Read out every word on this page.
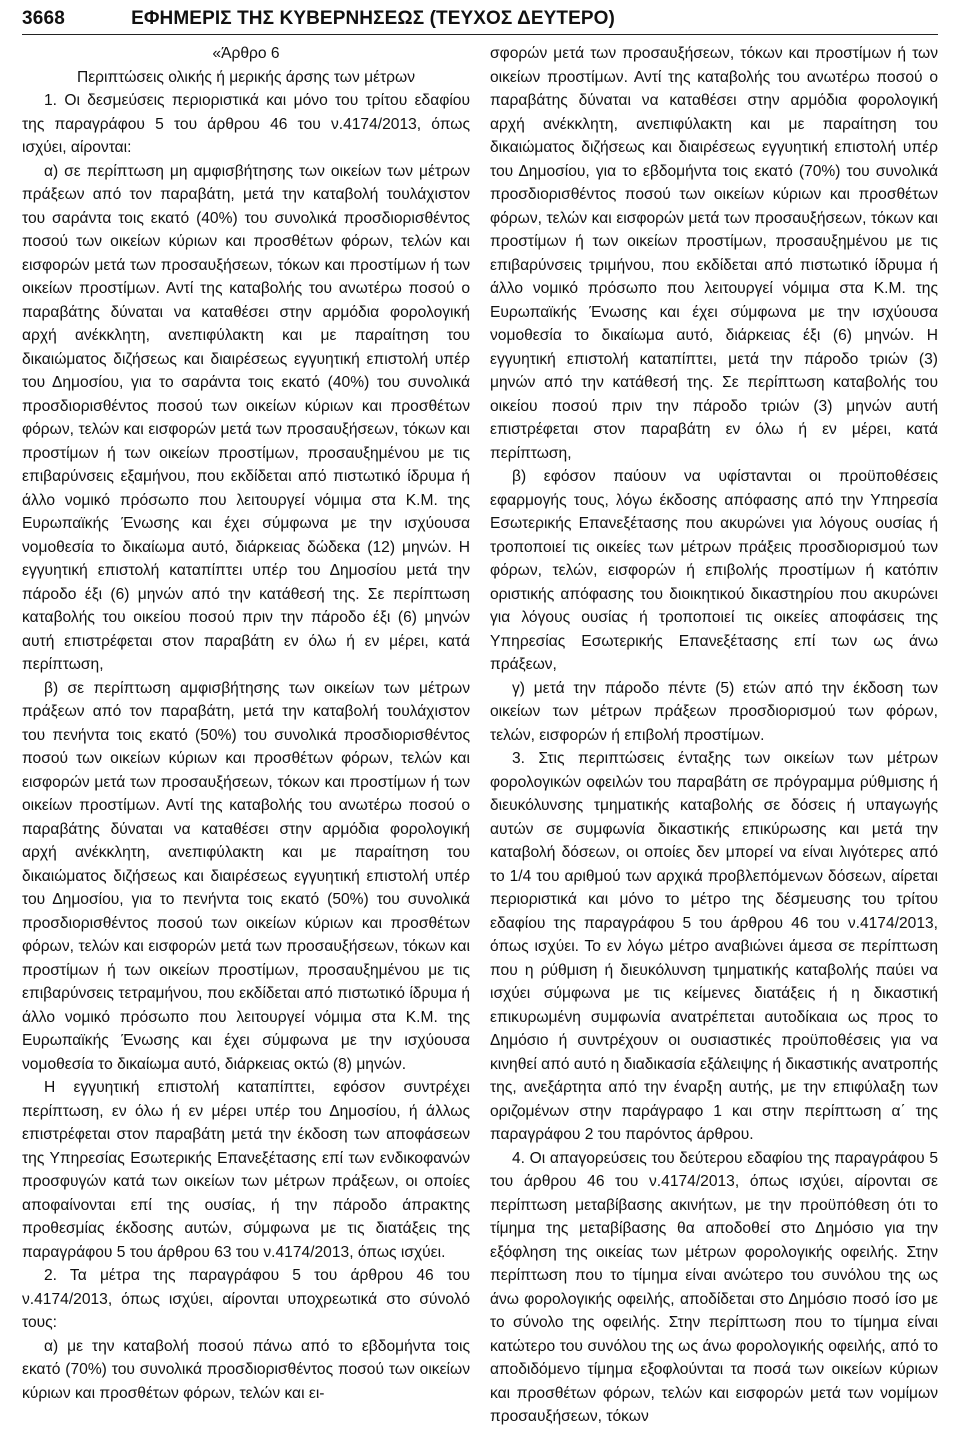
3668	ΕΦΗΜΕΡΙΣ ΤΗΣ ΚΥΒΕΡΝΗΣΕΩΣ (ΤΕΥΧΟΣ ΔΕΥΤΕΡΟ)

«Άρθρο 6

Περιπτώσεις ολικής ή μερικής άρσης των μέτρων

1. Οι δεσμεύσεις περιοριστικά και μόνο του τρίτου εδαφίου της παραγράφου 5 του άρθρου 46 του ν.4174/2013, όπως ισχύει, αίρονται:

α) σε περίπτωση μη αμφισβήτησης των οικείων των μέτρων πράξεων από τον παραβάτη, μετά την καταβολή τουλάχιστον του σαράντα τοις εκατό (40%) του συνολικά προσδιορισθέντος ποσού των οικείων κύριων και προσθέτων φόρων, τελών και εισφορών μετά των προσαυξήσεων, τόκων και προστίμων ή των οικείων προστίμων. Αντί της καταβολής του ανωτέρω ποσού ο παραβάτης δύναται να καταθέσει στην αρμόδια φορολογική αρχή ανέκκλητη, ανεπιφύλακτη και με παραίτηση του δικαιώματος διζήσεως και διαιρέσεως εγγυητική επιστολή υπέρ του Δημοσίου, για το σαράντα τοις εκατό (40%) του συνολικά προσδιορισθέντος ποσού των οικείων κύριων και προσθέτων φόρων, τελών και εισφορών μετά των προσαυξήσεων, τόκων και προστίμων ή των οικείων προστίμων, προσαυξημένου με τις επιβαρύνσεις εξαμήνου, που εκδίδεται από πιστωτικό ίδρυμα ή άλλο νομικό πρόσωπο που λειτουργεί νόμιμα στα Κ.Μ. της Ευρωπαϊκής Ένωσης και έχει σύμφωνα με την ισχύουσα νομοθεσία το δικαίωμα αυτό, διάρκειας δώδεκα (12) μηνών. Η εγγυητική επιστολή καταπίπτει υπέρ του Δημοσίου μετά την πάροδο έξι (6) μηνών από την κατάθεσή της. Σε περίπτωση καταβολής του οικείου ποσού πριν την πάροδο έξι (6) μηνών αυτή επιστρέφεται στον παραβάτη εν όλω ή εν μέρει, κατά περίπτωση,

β) σε περίπτωση αμφισβήτησης των οικείων των μέτρων πράξεων από τον παραβάτη, μετά την καταβολή τουλάχιστον του πενήντα τοις εκατό (50%) του συνολικά προσδιορισθέντος ποσού των οικείων κύριων και προσθέτων φόρων, τελών και εισφορών μετά των προσαυξήσεων, τόκων και προστίμων ή των οικείων προστίμων. Αντί της καταβολής του ανωτέρω ποσού ο παραβάτης δύναται να καταθέσει στην αρμόδια φορολογική αρχή ανέκκλητη, ανεπιφύλακτη και με παραίτηση του δικαιώματος διζήσεως και διαιρέσεως εγγυητική επιστολή υπέρ του Δημοσίου, για το πενήντα τοις εκατό (50%) του συνολικά προσδιορισθέντος ποσού των οικείων κύριων και προσθέτων φόρων, τελών και εισφορών μετά των προσαυξήσεων, τόκων και προστίμων ή των οικείων προστίμων, προσαυξημένου με τις επιβαρύνσεις τετραμήνου, που εκδίδεται από πιστωτικό ίδρυμα ή άλλο νομικό πρόσωπο που λειτουργεί νόμιμα στα Κ.Μ. της Ευρωπαϊκής Ένωσης και έχει σύμφωνα με την ισχύουσα νομοθεσία το δικαίωμα αυτό, διάρκειας οκτώ (8) μηνών.

Η εγγυητική επιστολή καταπίπτει, εφόσον συντρέχει περίπτωση, εν όλω ή εν μέρει υπέρ του Δημοσίου, ή άλλως επιστρέφεται στον παραβάτη μετά την έκδοση των αποφάσεων της Υπηρεσίας Εσωτερικής Επανεξέτασης επί των ενδικοφανών προσφυγών κατά των οικείων των μέτρων πράξεων, οι οποίες αποφαίνονται επί της ουσίας, ή την πάροδο άπρακτης προθεσμίας έκδοσης αυτών, σύμφωνα με τις διατάξεις της παραγράφου 5 του άρθρου 63 του ν.4174/2013, όπως ισχύει.

2. Τα μέτρα της παραγράφου 5 του άρθρου 46 του ν.4174/2013, όπως ισχύει, αίρονται υποχρεωτικά στο σύνολό τους:

α) με την καταβολή ποσού πάνω από το εβδομήντα τοις εκατό (70%) του συνολικά προσδιορισθέντος ποσού των οικείων κύριων και προσθέτων φόρων, τελών και ει-

σφορών μετά των προσαυξήσεων, τόκων και προστίμων ή των οικείων προστίμων. Αντί της καταβολής του ανωτέρω ποσού ο παραβάτης δύναται να καταθέσει στην αρμόδια φορολογική αρχή ανέκκλητη, ανεπιφύλακτη και με παραίτηση του δικαιώματος διζήσεως και διαιρέσεως εγγυητική επιστολή υπέρ του Δημοσίου, για το εβδομήντα τοις εκατό (70%) του συνολικά προσδιορισθέντος ποσού των οικείων κύριων και προσθέτων φόρων, τελών και εισφορών μετά των προσαυξήσεων, τόκων και προστίμων ή των οικείων προστίμων, προσαυξημένου με τις επιβαρύνσεις τριμήνου, που εκδίδεται από πιστωτικό ίδρυμα ή άλλο νομικό πρόσωπο που λειτουργεί νόμιμα στα Κ.Μ. της Ευρωπαϊκής Ένωσης και έχει σύμφωνα με την ισχύουσα νομοθεσία το δικαίωμα αυτό, διάρκειας έξι (6) μηνών. Η εγγυητική επιστολή καταπίπτει, μετά την πάροδο τριών (3) μηνών από την κατάθεσή της. Σε περίπτωση καταβολής του οικείου ποσού πριν την πάροδο τριών (3) μηνών αυτή επιστρέφεται στον παραβάτη εν όλω ή εν μέρει, κατά περίπτωση,

β) εφόσον παύουν να υφίστανται οι προϋποθέσεις εφαρμογής τους, λόγω έκδοσης απόφασης από την Υπηρεσία Εσωτερικής Επανεξέτασης που ακυρώνει για λόγους ουσίας ή τροποποιεί τις οικείες των μέτρων πράξεις προσδιορισμού των φόρων, τελών, εισφορών ή επιβολής προστίμων ή κατόπιν οριστικής απόφασης του διοικητικού δικαστηρίου που ακυρώνει για λόγους ουσίας ή τροποποιεί τις οικείες αποφάσεις της Υπηρεσίας Εσωτερικής Επανεξέτασης επί των ως άνω πράξεων,

γ) μετά την πάροδο πέντε (5) ετών από την έκδοση των οικείων των μέτρων πράξεων προσδιορισμού των φόρων, τελών, εισφορών ή επιβολή προστίμων.

3. Στις περιπτώσεις ένταξης των οικείων των μέτρων φορολογικών οφειλών του παραβάτη σε πρόγραμμα ρύθμισης ή διευκόλυνσης τμηματικής καταβολής σε δόσεις ή υπαγωγής αυτών σε συμφωνία δικαστικής επικύρωσης και μετά την καταβολή δόσεων, οι οποίες δεν μπορεί να είναι λιγότερες από το 1/4 του αριθμού των αρχικά προβλεπόμενων δόσεων, αίρεται περιοριστικά και μόνο το μέτρο της δέσμευσης του τρίτου εδαφίου της παραγράφου 5 του άρθρου 46 του ν.4174/2013, όπως ισχύει. Το εν λόγω μέτρο αναβιώνει άμεσα σε περίπτωση που η ρύθμιση ή διευκόλυνση τμηματικής καταβολής παύει να ισχύει σύμφωνα με τις κείμενες διατάξεις ή η δικαστική επικυρωμένη συμφωνία ανατρέπεται αυτοδίκαια ως προς το Δημόσιο ή συντρέχουν οι ουσιαστικές προϋποθέσεις για να κινηθεί από αυτό η διαδικασία εξάλειψης ή δικαστικής ανατροπής της, ανεξάρτητα από την έναρξη αυτής, με την επιφύλαξη των οριζομένων στην παράγραφο 1 και στην περίπτωση α΄ της παραγράφου 2 του παρόντος άρθρου.

4. Οι απαγορεύσεις του δεύτερου εδαφίου της παραγράφου 5 του άρθρου 46 του ν.4174/2013, όπως ισχύει, αίρονται σε περίπτωση μεταβίβασης ακινήτων, με την προϋπόθεση ότι το τίμημα της μεταβίβασης θα αποδοθεί στο Δημόσιο για την εξόφληση της οικείας των μέτρων φορολογικής οφειλής. Στην περίπτωση που το τίμημα είναι ανώτερο του συνόλου της ως άνω φορολογικής οφειλής, αποδίδεται στο Δημόσιο ποσό ίσο με το σύνολο της οφειλής. Στην περίπτωση που το τίμημα είναι κατώτερο του συνόλου της ως άνω φορολογικής οφειλής, από το αποδιδόμενο τίμημα εξοφλούνται τα ποσά των οικείων κύριων και προσθέτων φόρων, τελών και εισφορών μετά των νομίμων προσαυξήσεων, τόκων
